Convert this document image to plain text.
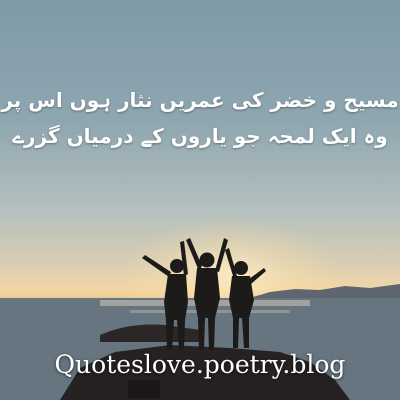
مسیح و خضر کی عمریں نثار ہوں اس پر
وہ ایک لمحہ جو یاروں کے درمیاں گزرے
Quoteslove.poetry.blog
